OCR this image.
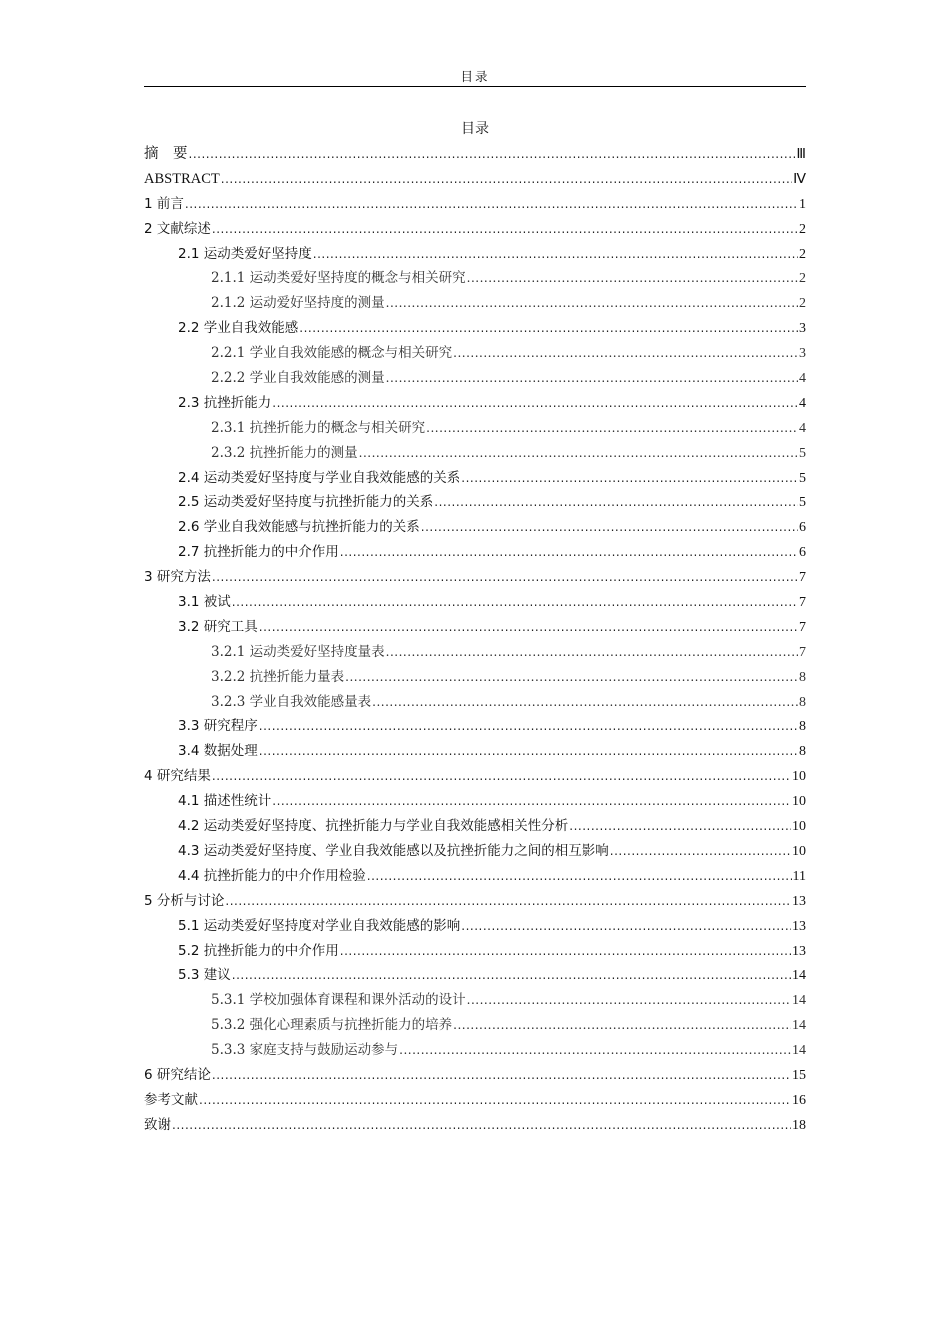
目录
目录
摘　要 .....	Ⅲ
ABSTRACT .....	Ⅳ
1 前言 .....	1
2 文献综述 .....	2
2.1 运动类爱好坚持度 .....	2
2.1.1 运动类爱好坚持度的概念与相关研究 .....	2
2.1.2 运动爱好坚持度的测量 .....	2
2.2 学业自我效能感 .....	3
2.2.1 学业自我效能感的概念与相关研究 .....	3
2.2.2 学业自我效能感的测量 .....	4
2.3 抗挫折能力 .....	4
2.3.1 抗挫折能力的概念与相关研究 .....	4
2.3.2 抗挫折能力的测量 .....	5
2.4 运动类爱好坚持度与学业自我效能感的关系 .....	5
2.5 运动类爱好坚持度与抗挫折能力的关系 .....	5
2.6 学业自我效能感与抗挫折能力的关系 .....	6
2.7 抗挫折能力的中介作用 .....	6
3 研究方法 .....	7
3.1 被试 .....	7
3.2 研究工具 .....	7
3.2.1 运动类爱好坚持度量表 .....	7
3.2.2 抗挫折能力量表 .....	8
3.2.3 学业自我效能感量表 .....	8
3.3 研究程序 .....	8
3.4 数据处理 .....	8
4 研究结果 .....	10
4.1 描述性统计 .....	10
4.2 运动类爱好坚持度、抗挫折能力与学业自我效能感相关性分析 .....	10
4.3 运动类爱好坚持度、学业自我效能感以及抗挫折能力之间的相互影响 .....	10
4.4 抗挫折能力的中介作用检验 .....	11
5 分析与讨论 .....	13
5.1 运动类爱好坚持度对学业自我效能感的影响 .....	13
5.2 抗挫折能力的中介作用 .....	13
5.3 建议 .....	14
5.3.1 学校加强体育课程和课外活动的设计 .....	14
5.3.2 强化心理素质与抗挫折能力的培养 .....	14
5.3.3 家庭支持与鼓励运动参与 .....	14
6 研究结论 .....	15
参考文献 .....	16
致谢 .....	18
